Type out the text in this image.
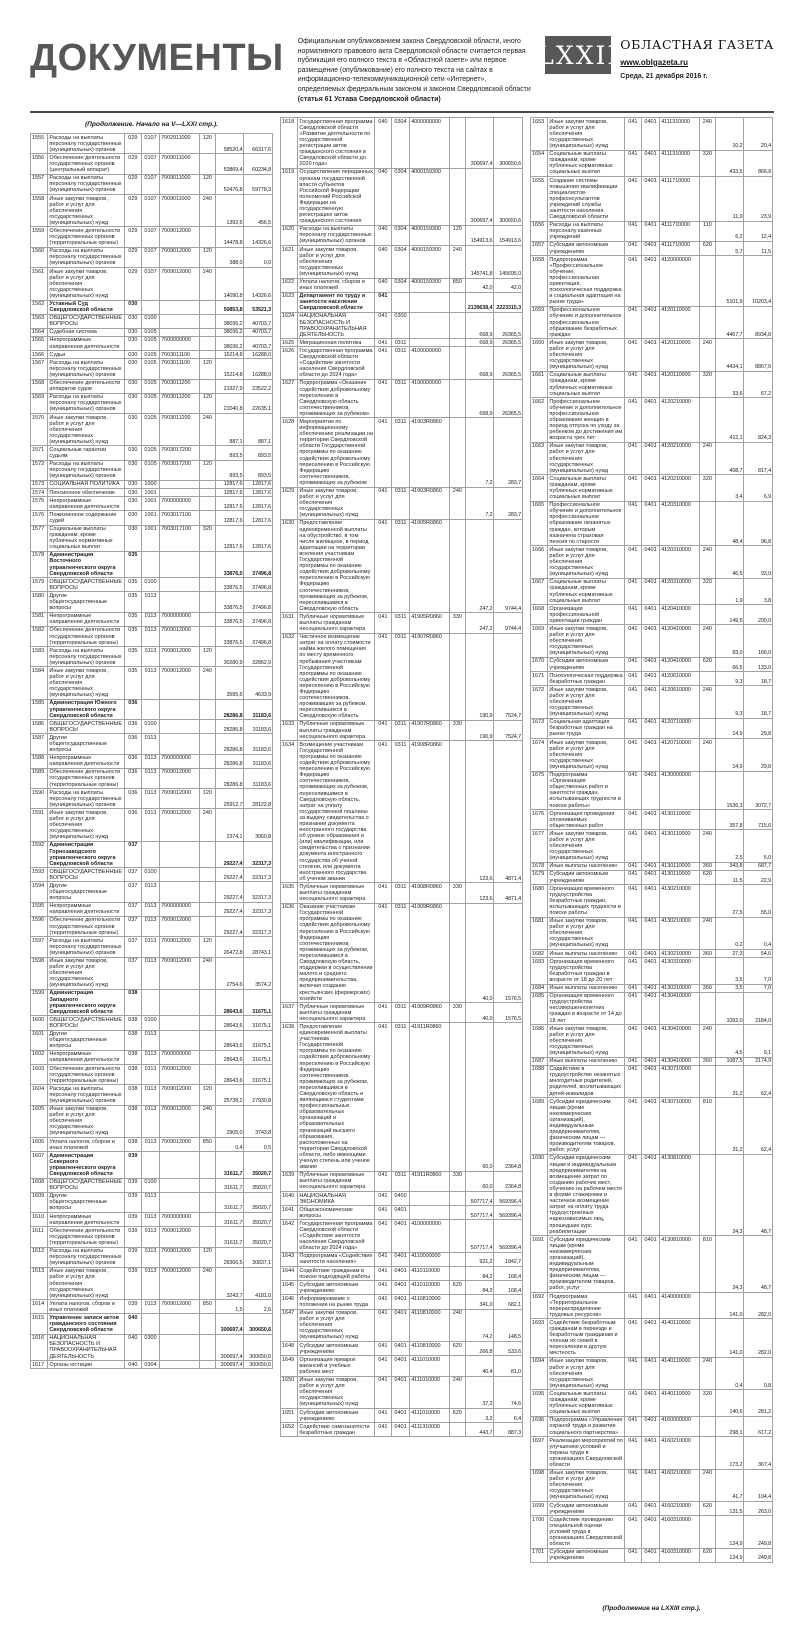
ДОКУМЕНТЫ	Официальным опубликованием закона Свердловской области, иного нормативного правового акта Свердловской области считается первая публикация его полного текста в «Областной газете» или первое размещение (опубликование) его полного текста на сайтах в информационно-телекоммуникационной сети «Интернет», определяемых федеральным законом и законом Свердловской области (статья 61 Устава Свердловской области)
LXXII ОБЛАСТНАЯ ГАЗЕТА
www.oblgazeta.ru
Среда, 21 декабря 2016 г.
(Продолжение. Начало на V—LXXI стр.).
1555	Расходы на выплаты персоналу государственных (муниципальных) органов	029	0107	7002911000	120	58520,4	66317,6
1556	Обеспечение деятельности государственных органов (центральный аппарат)	029	0107	7009011000		53869,4	60234,8
1557	Расходы на выплаты персоналу государственных (муниципальных) органов	029	0107	7009011000	120	52476,8	59778,3
1558	Иные закупки товаров, работ и услуг для обеспечения государственных (муниципальных) нужд	029	0107	7009011000	240	1392,6	456,5
1559	Обеспечение деятельности государственных органов (территориальные органы)	029	0107	7009012000		14478,8	14326,6
1560	Расходы на выплаты персоналу государственных (муниципальных) органов	029	0107	7009012000	120	388,0	0,0
1561	Иные закупки товаров, работ и услуг для обеспечения государственных (муниципальных) нужд	029	0107	7009012000	240	14090,8	14326,6
1562	Уставный Суд Свердловской области	030				50853,8	53521,3
1563	ОБЩЕГОСУДАРСТВЕННЫЕ ВОПРОСЫ	030	0100			38036,2	40703,7
1564	Судебная система	030	0105			38036,2	40703,7
1565	Непрограммные направления деятельности	030	0105	7000000000		38036,2	40703,7
1566	Судьи	030	0105	7003011100		15214,8	16288,0
1567	Расходы на выплаты персоналу государственных (муниципальных) органов	030	0105	7003011100	120	15214,8	16288,0
1568	Обеспечение деятельности аппаратов судов	030	0105	7003011200		21927,9	23522,2
1569	Расходы на выплаты персоналу государственных (муниципальных) органов	030	0105	7003011200	120	21040,8	22635,1
1570	Иные закупки товаров, работ и услуг для обеспечения государственных (муниципальных) нужд	030	0105	7003011200	240	887,1	887,1
1571	Социальные гарантии судьям	030	0105	7003017200		893,5	893,5
1572	Расходы на выплаты персоналу государственных (муниципальных) органов	030	0105	7003017200	120	893,5	893,5
1573	СОЦИАЛЬНАЯ ПОЛИТИКА	030	1000			12817,6	12817,6
1574	Пенсионное обеспечение	030	1001			12817,6	12817,6
1575	Непрограммные направления деятельности	030	1001	7000000000		12817,6	12817,6
1576	Пожизненное содержание судей	030	1001	7003017100		12817,6	12817,6
1577	Социальные выплаты гражданам, кроме публичных нормативных социальных выплат	030	1001	7003017100	320	12817,6	12817,6
1578	Администрация Восточного управленческого округа Свердловской области	035				33876,5	37496,8
1579	ОБЩЕГОСУДАРСТВЕННЫЕ ВОПРОСЫ	035	0100			33876,5	37496,8
1580	Другие общегосударственные вопросы	035	0113			33876,5	37496,8
1581	Непрограммные направления деятельности	035	0113	7000000000		33876,5	37496,8
1582	Обеспечение деятельности государственных органов (территориальные органы)	035	0113	7009012000		33876,5	37496,8
1583	Расходы на выплаты персоналу государственных (муниципальных) органов	035	0113	7009012000	120	30280,9	32862,9
1584	Иные закупки товаров, работ и услуг для обеспечения государственных (муниципальных) нужд	035	0113	7009012000	240	3595,6	4633,9
1585	Администрация Южного управленческого округа Свердловской области	036				28286,8	31183,6
1586	ОБЩЕГОСУДАРСТВЕННЫЕ ВОПРОСЫ	036	0100			28286,8	31183,6
1587	Другие общегосударственные вопросы	036	0113			28286,8	31183,6
1588	Непрограммные направления деятельности	036	0113	7000000000		28286,8	31183,6
1589	Обеспечение деятельности государственных органов (территориальные органы)	036	0113	7009012000		28286,8	31183,6
1590	Расходы на выплаты персоналу государственных (муниципальных) органов	036	0113	7009012000	120	25912,7	28122,8
1591	Иные закупки товаров, работ и услуг для обеспечения государственных (муниципальных) нужд	036	0113	7009012000	240	2374,1	3060,8
1592	Администрация Горнозаводского управленческого округа Свердловской области	037				29227,4	32317,3
1593	ОБЩЕГОСУДАРСТВЕННЫЕ ВОПРОСЫ	037	0100			29227,4	32317,3
1594	Другие общегосударственные вопросы	037	0113			29227,4	32317,3
1595	Непрограммные направления деятельности	037	0113	7000000000		29227,4	32317,3
1596	Обеспечение деятельности государственных органов (территориальные органы)	037	0113	7009012000		29227,4	32317,3
1597	Расходы на выплаты персоналу государственных (муниципальных) органов	037	0113	7009012000	120	26472,8	28743,1
1598	Иные закупки товаров, работ и услуг для обеспечения государственных (муниципальных) нужд	037	0113	7009012000	240	2754,6	3574,2
1599	Администрация Западного управленческого округа Свердловской области	038				28643,6	31675,1
1600	ОБЩЕГОСУДАРСТВЕННЫЕ ВОПРОСЫ	038	0100			28643,6	31675,1
1601	Другие общегосударственные вопросы	038	0113			28643,6	31675,1
1602	Непрограммные направления деятельности	038	0113	7000000000		28643,6	31675,1
1603	Обеспечение деятельности государственных органов (территориальные органы)	038	0113	7009012000		28643,6	31675,1
1604	Расходы на выплаты персоналу государственных (муниципальных) органов	038	0113	7009012000	120	25738,2	27930,8
1605	Иные закупки товаров, работ и услуг для обеспечения государственных (муниципальных) нужд	038	0113	7009012000	240	2905,0	3743,8
1606	Уплата налогов, сборов и иных платежей	038	0113	7009012000	850	0,4	0,5
1607	Администрация Северного управленческого округа Свердловской области	039				31611,7	35020,7
1608	ОБЩЕГОСУДАРСТВЕННЫЕ ВОПРОСЫ	039	0100			31611,7	35020,7
1609	Другие общегосударственные вопросы	039	0113			31611,7	35020,7
1610	Непрограммные направления деятельности	039	0113	7000000000		31611,7	35020,7
1611	Обеспечение деятельности государственных органов (территориальные органы)	039	0113	7009012000		31611,7	35020,7
1612	Расходы на выплаты персоналу государственных (муниципальных) органов	039	0113	7009012000	120	28366,5	30837,1
1613	Иные закупки товаров, работ и услуг для обеспечения государственных (муниципальных) нужд	039	0113	7009012000	240	3243,7	4181,0
1614	Уплата налогов, сборов и иных платежей	039	0113	7009012000	850	1,5	2,6
1615	Управление записи актов гражданского состояния Свердловской области	040				300697,4	300650,6
1616	НАЦИОНАЛЬНАЯ БЕЗОПАСНОСТЬ И ПРАВООХРАНИТЕЛЬНАЯ ДЕЯТЕЛЬНОСТЬ	040	0300			300697,4	300650,6
1617	Органы юстиции	040	0304			300697,4	300650,6
1618	Государственная программа Свердловской области «Развитие деятельности по государственной регистрации актов гражданского состояния в Свердловской области до 2020 года»	040	0304	4000000000		300697,4	300650,6
1619	Осуществление переданных органам государственной власти субъектов Российской Федерации полномочий Российской Федерации на государственную регистрацию актов гражданского состояния	040	0304	4000159300		300697,4	300650,6
1620	Расходы на выплаты персоналу государственных (муниципальных) органов	040	0304	4000159300	120	154913,6	154913,6
1621	Иные закупки товаров, работ и услуг для обеспечения государственных (муниципальных) нужд	040	0304	4000159300	240	145741,8	145695,0
1622	Уплата налогов, сборов и иных платежей	040	0304	4000159300	850	42,0	42,0
1623	Департамент по труду и занятости населения Свердловской области	041				2139638,4	2223315,3
1624	НАЦИОНАЛЬНАЯ БЕЗОПАСНОСТЬ И ПРАВООХРАНИТЕЛЬНАЯ ДЕЯТЕЛЬНОСТЬ	041	0300			668,9	26365,5
1625	Миграционная политика	041	0311			668,9	26365,5
1626	Государственная программа Свердловской области «Содействие занятости населения Свердловской области до 2024 года»	041	0311	4100000000		668,9	26365,5
1627	Подпрограмма «Оказание содействия добровольному переселению в Свердловскую область соотечественников, проживающих за рубежом»	041	0311	4190000000		668,9	26365,5
1628	Мероприятия по информационному обеспечению реализации на территории Свердловской области Государственной программы по оказанию содействия добровольному переселению в Российскую Федерацию соотечественников, проживающих за рубежом	041	0311	41903R0860		7,2	283,7
1629	Иные закупки товаров, работ и услуг для обеспечения государственных (муниципальных) нужд	041	0311	41903R0860	240	7,2	283,7
1630	Предоставление единовременной выплаты на обустройство, в том числе жилищное, в период адаптации на территории вселения участникам Государственной программы по оказанию содействия добровольному переселению в Российскую Федерацию соотечественников, проживающих за рубежом, переселившимся в Свердловскую область	041	0311	41905R0860		247,2	9744,4
1631	Публичные нормативные выплаты гражданам несоциального характера	041	0311	41905R0860	330	247,2	9744,4
1632	Частичное возмещение затрат на оплату стоимости найма жилого помещения по месту временного пребывания участникам Государственной программы по оказанию содействия добровольному переселению в Российскую Федерацию соотечественников, проживавших за рубежом, переселившихся в Свердловскую область	041	0311	41907R0860		190,9	7524,7
1633	Публичные нормативные выплаты гражданам несоциального характера	041	0311	41907R0860	330	190,9	7524,7
1634	Возмещение участникам Государственной программы по оказанию содействия добровольному переселению в Российскую Федерацию соотечественников, проживающих за рубежом, переселившимся в Свердловскую область, затрат на уплату государственной пошлины за выдачу свидетельства о признании документа иностранного государства об уровне образования и (или) квалификации, или свидетельства о признании документа иностранного государства об ученой степени, или документа иностранного государства об ученом звании	041	0311	41908R0860		123,6	4871,4
1635	Публичные нормативные выплаты гражданам несоциального характера	041	0311	41908R0860	330	123,6	4871,4
1636	Оказание участникам Государственной программы по оказанию содействия добровольному переселению в Российскую Федерацию соотечественников, проживающих за рубежом, переселившимся в Свердловскую область, поддержки в осуществлении малого и среднего предпринимательства, включая создание крестьянских (фермерских) хозяйств	041	0311	41909R0860		40,0	1576,5
1637	Публичные нормативные выплаты гражданам несоциального характера	041	0311	41909R0860	330	40,0	1576,5
1638	Предоставление единовременной выплаты участникам Государственной программы по оказанию содействия добровольному переселению в Российскую Федерацию соотечественников, проживающих за рубежом, переселившимся в Свердловскую область и являющимся студентами профессиональных образовательных организаций и образовательных организаций высшего образования, расположенных на территории Свердловской области, либо имеющими ученую степень или ученое звание	041	0311	41911R0860		60,0	2364,8
1639	Публичные нормативные выплаты гражданам несоциального характера	041	0311	41911R0860	330	60,0	2364,8
1640	НАЦИОНАЛЬНАЯ ЭКОНОМИКА	041	0400			507717,4	569396,4
1641	Общеэкономические вопросы	041	0401			507717,4	569396,4
1642	Государственная программа Свердловской области «Содействие занятости населения Свердловской области до 2024 года»	041	0401	4100000000		507717,4	569396,4
1643	Подпрограмма «Содействие занятости населения»	041	0401	4110000000		921,2	1842,7
1644	Содействие гражданам в поиске подходящей работы	041	0401	4110110000		84,2	168,4
1645	Субсидии автономным учреждениям	041	0401	4110110000	620	84,2	168,4
1646	Информирование о положении на рынке труда	041	0401	4110810000		341,0	682,1
1647	Иные закупки товаров, работ и услуг для обеспечения государственных (муниципальных) нужд	041	0401	4110810000	240	74,2	148,5
1648	Субсидии автономным учреждениям	041	0401	4110810000	620	266,8	533,6
1649	Организация ярмарок вакансий и учебных рабочих мест	041	0401	4111010000		40,4	81,0
1650	Иные закупки товаров, работ и услуг для обеспечения государственных (муниципальных) нужд	041	0401	4111010000	240	37,2	74,6
1651	Субсидии автономным учреждениям	041	0401	4111010000	620	3,2	6,4
1652	Содействие самозанятости безработных граждан	041	0401	4111310000		443,7	887,3
1653	Иные закупки товаров, работ и услуг для обеспечения государственных (муниципальных) нужд	041	0401	4111310000	240	10,2	20,4
1654	Социальные выплаты гражданам, кроме публичных нормативных социальных выплат	041	0401	4111310000	320	433,5	866,9
1655	Создание системы повышения квалификации специалистов-профконсультантов учреждений службы занятости населения Свердловской области	041	0401	4111710000		11,9	23,9
1656	Расходы на выплаты персоналу казенных учреждений	041	0401	4111710000	110	6,2	12,4
1657	Субсидии автономным учреждениям	041	0401	4111710000	620	5,7	11,5
1658	Подпрограмма «Профессиональное обучение, профессиональная ориентация, психологическая поддержка и социальная адаптация на рынке труда»	041	0401	4120000000		5101,9	10203,4
1659	Профессиональное обучение и дополнительное профессиональное образование безработных граждан	041	0401	4120110000		4467,7	8934,8
1660	Иные закупки товаров, работ и услуг для обеспечения государственных (муниципальных) нужд	041	0401	4120110000	240	4434,1	8867,6
1661	Социальные выплаты гражданам, кроме публичных нормативных социальных выплат	041	0401	4120110000	320	33,6	67,2
1662	Профессиональное обучение и дополнительное профессиональное образование женщин в период отпуска по уходу за ребенком до достижения им возраста трех лет	041	0401	4120210000		412,1	824,3
1663	Иные закупки товаров, работ и услуг для обеспечения государственных (муниципальных) нужд	041	0401	4120210000	240	408,7	817,4
1664	Социальные выплаты гражданам, кроме публичных нормативных социальных выплат	041	0401	4120210000	320	3,4	6,9
1665	Профессиональное обучение и дополнительное профессиональное образование незанятых граждан, которым назначена страховая пенсия по старости	041	0401	4120310000		48,4	96,8
1666	Иные закупки товаров, работ и услуг для обеспечения государственных (муниципальных) нужд	041	0401	4120310000	240	46,5	93,0
1667	Социальные выплаты гражданам, кроме публичных нормативных социальных выплат	041	0401	4120310000	320	1,9	3,8
1668	Организация профессиональной ориентации граждан	041	0401	4120410000		149,5	299,0
1669	Иные закупки товаров, работ и услуг для обеспечения государственных (муниципальных) нужд	041	0401	4120410000	240	83,0	166,0
1670	Субсидии автономным учреждениям	041	0401	4120410000	620	66,5	133,0
1671	Психологическая поддержка безработных граждан	041	0401	4120610000		9,3	18,7
1672	Иные закупки товаров, работ и услуг для обеспечения государственных (муниципальных) нужд	041	0401	4120610000	240	9,3	18,7
1673	Социальная адаптация безработных граждан на рынке труда	041	0401	4120710000		14,9	29,8
1674	Иные закупки товаров, работ и услуг для обеспечения государственных (муниципальных) нужд	041	0401	4120710000	240	14,9	29,8
1675	Подпрограмма «Организация общественных работ и занятости граждан, испытывающих трудности в поиске работы»	041	0401	4130000000		1536,3	3072,7
1676	Организация проведения оплачиваемых общественных работ	041	0401	4130110000		357,8	715,6
1677	Иные закупки товаров, работ и услуг для обеспечения государственных (муниципальных) нужд	041	0401	4130110000	240	2,5	5,0
1678	Иные выплаты населению	041	0401	4130110000	360	343,8	687,7
1679	Субсидии автономным учреждениям	041	0401	4130110000	620	11,5	22,9
1680	Организация временного трудоустройства безработных граждан, испытывающих трудности в поиске работы	041	0401	4130210000		27,5	55,0
1681	Иные закупки товаров, работ и услуг для обеспечения государственных (муниципальных) нужд	041	0401	4130210000	240	0,2	0,4
1682	Иные выплаты населению	041	0401	4130210000	360	27,3	54,6
1683	Организация временного трудоустройства безработных граждан в возрасте от 18 до 20 лет	041	0401	4130310000		3,5	7,0
1684	Иные выплаты населению	041	0401	4130310000	360	3,5	7,0
1685	Организация временного трудоустройства несовершеннолетних граждан в возрасте от 14 до 18 лет	041	0401	4130410000		1092,0	2184,0
1686	Иные закупки товаров, работ и услуг для обеспечения государственных (муниципальных) нужд	041	0401	4130410000	240	4,5	9,1
1687	Иные выплаты населению	041	0401	4130410000	360	1087,5	2174,9
1688	Содействие в трудоустройстве незанятых многодетных родителей, родителей, воспитывающих детей-инвалидов	041	0401	4130710000		31,2	62,4
1689	Субсидии юридическим лицам (кроме некоммерческих организаций), индивидуальным предпринимателям, физическим лицам — производителям товаров, работ, услуг	041	0401	4130710000	810	31,2	62,4
1690	Субсидии юридическим лицам и индивидуальным предпринимателям на возмещение затрат по созданию рабочих мест, обучению на рабочем месте в форме стажировки и частичное возмещение затрат на оплату труда трудоустроенных наркозависимых лиц, прошедших курс реабилитации	041	0401	4130810000		24,3	48,7
1691	Субсидии юридическим лицам (кроме некоммерческих организаций), индивидуальным предпринимателям, физическим лицам — производителям товаров, работ, услуг	041	0401	4130810000	810	24,3	48,7
1692	Подпрограмма «Территориальное перераспределение трудовых ресурсов»	041	0401	4140000000		141,0	282,0
1693	Содействие безработным гражданам в переезде и безработным гражданам и членам их семей в переселении в другую местность	041	0401	4140110000		141,0	282,0
1694	Иные закупки товаров, работ и услуг для обеспечения государственных (муниципальных) нужд	041	0401	4140110000	240	0,4	0,8
1695	Социальные выплаты гражданам, кроме публичных нормативных социальных выплат	041	0401	4140110000	320	140,6	281,2
1696	Подпрограмма «Управление охраной труда и развитие социального партнерства»	041	0401	4160000000		298,1	617,2
1697	Реализация мероприятий по улучшению условий и охраны труда в организациях Свердловской области	041	0401	4160210000		173,2	367,4
1698	Иные закупки товаров, работ и услуг для обеспечения государственных (муниципальных) нужд	041	0401	4160210000	240	41,7	104,4
1699	Субсидии автономным учреждениям	041	0401	4160210000	620	131,5	263,0
1700	Содействие проведению специальной оценки условий труда в организациях Свердловской области	041	0401	4160310000		124,9	249,8
1701	Субсидии автономным учреждениям	041	0401	4160310000	620	124,9	249,8
(Продолжение на LXXIII стр.).
